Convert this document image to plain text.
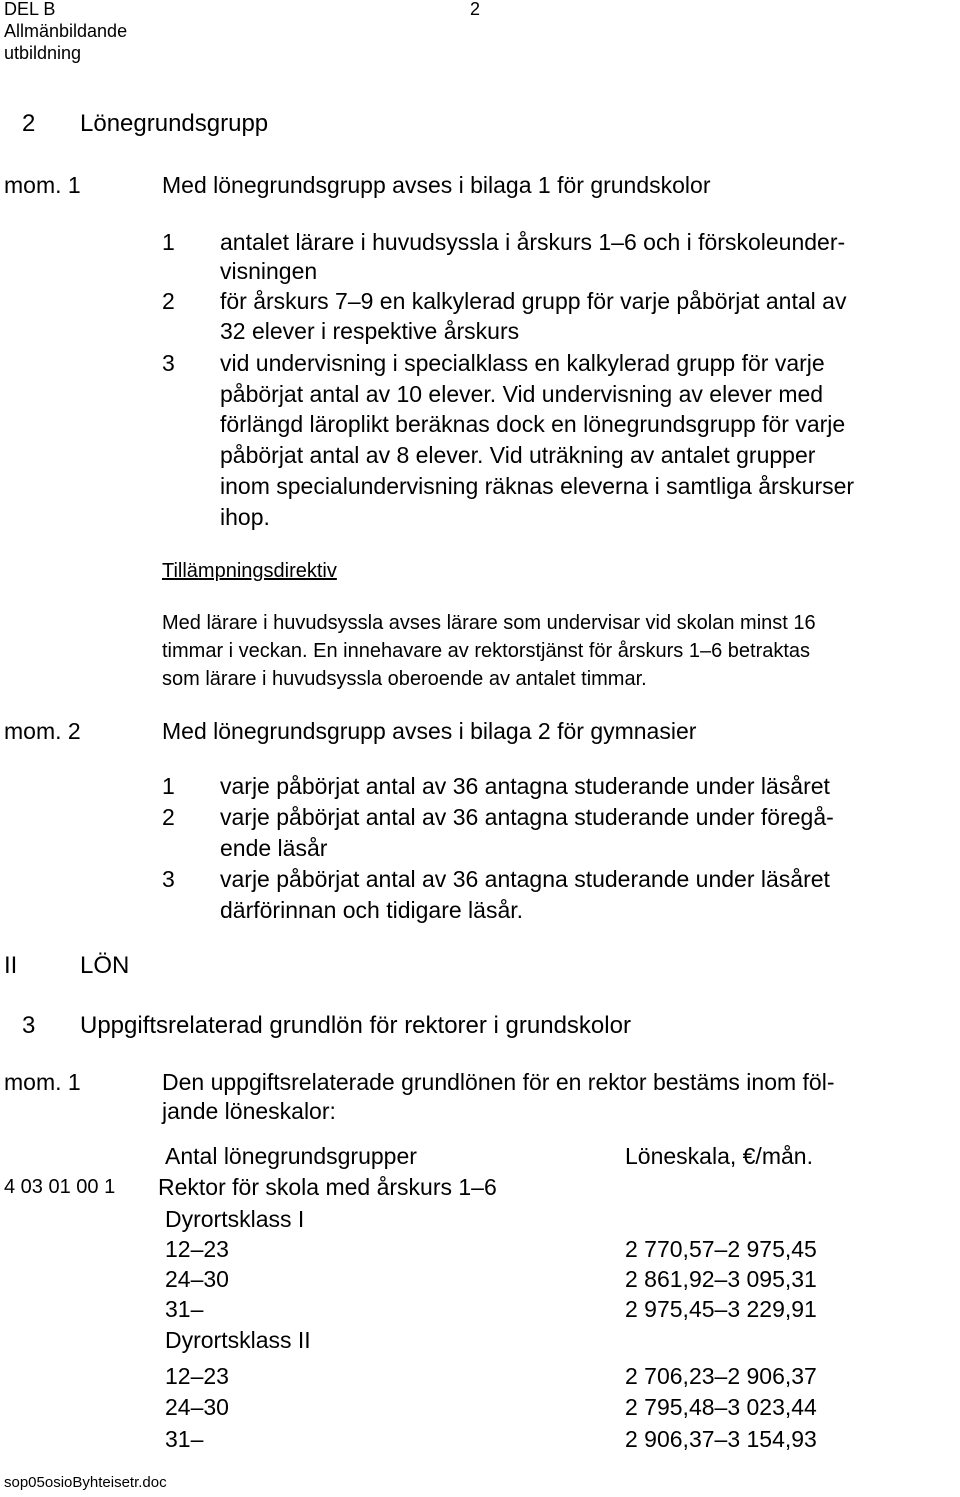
DEL B
Allmänbildande
utbildning
2
2 Lönegrundsgrupp
mom. 1	Med lönegrundsgrupp avses i bilaga 1 för grundskolor
1 antalet lärare i huvudsyssla i årskurs 1–6 och i förskoleunder-
visningen
2 för årskurs 7–9 en kalkylerad grupp för varje påbörjat antal av
32 elever i respektive årskurs
3 vid undervisning i specialklass en kalkylerad grupp för varje
påbörjat antal av 10 elever. Vid undervisning av elever med
förlängd läroplikt beräknas dock en lönegrundsgrupp för varje
påbörjat antal av 8 elever. Vid uträkning av antalet grupper
inom specialundervisning räknas eleverna i samtliga årskurser
ihop.
Tillämpningsdirektiv
Med lärare i huvudsyssla avses lärare som undervisar vid skolan minst 16
timmar i veckan. En innehavare av rektorstjänst för årskurs 1–6 betraktas
som lärare i huvudsyssla oberoende av antalet timmar.
mom. 2	Med lönegrundsgrupp avses i bilaga 2 för gymnasier
1 varje påbörjat antal av 36 antagna studerande under läsåret
2 varje påbörjat antal av 36 antagna studerande under föregå-
ende läsår
3 varje påbörjat antal av 36 antagna studerande under läsåret
därförinnan och tidigare läsår.
II	LÖN
3 Uppgiftsrelaterad grundlön för rektorer i grundskolor
mom. 1	Den uppgiftsrelaterade grundlönen för en rektor bestäms inom föl-
jande löneskalor:
Antal lönegrundsgrupper	Löneskala, €/mån.
4 03 01 00 1 Rektor för skola med årskurs 1–6
Dyrortsklass I
12–23	2 770,57–2 975,45
24–30	2 861,92–3 095,31
31–	2 975,45–3 229,91
Dyrortsklass II
12–23	2 706,23–2 906,37
24–30	2 795,48–3 023,44
31–	2 906,37–3 154,93
sop05osioByhteisetr.doc
